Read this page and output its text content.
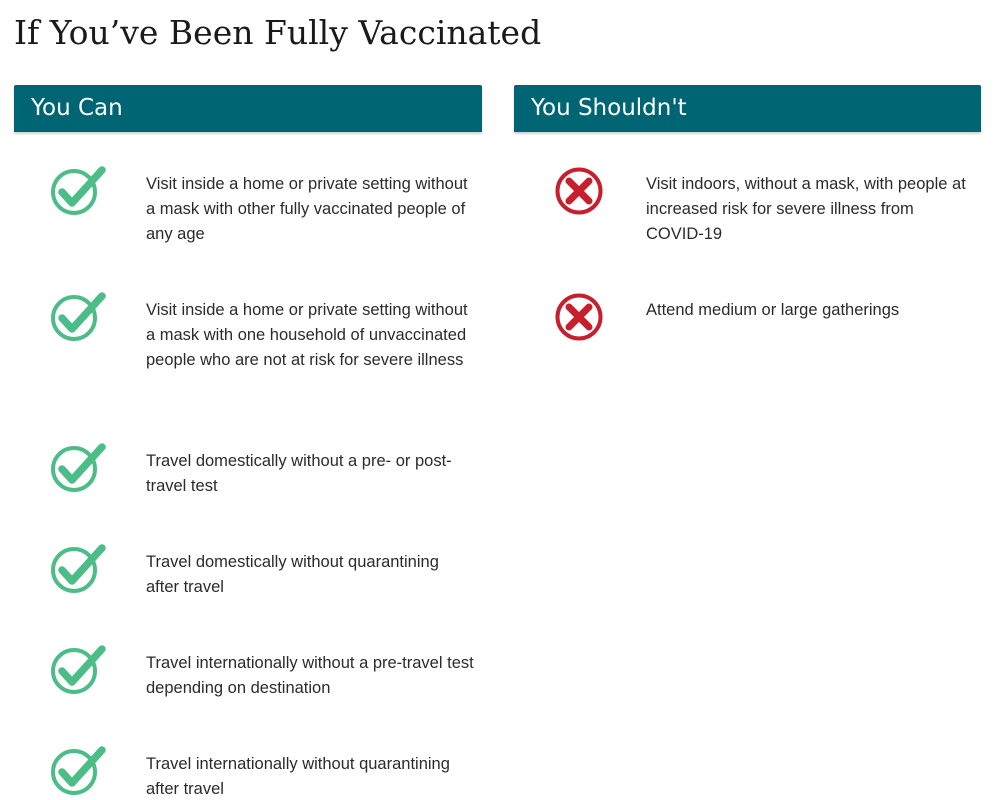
If You’ve Been Fully Vaccinated
You Can
Visit inside a home or private setting without a mask with other fully vaccinated people of any age
Visit inside a home or private setting without a mask with one household of unvaccinated people who are not at risk for severe illness
Travel domestically without a pre- or post-travel test
Travel domestically without quarantining after travel
Travel internationally without a pre-travel test depending on destination
Travel internationally without quarantining after travel
You Shouldn't
Visit indoors, without a mask, with people at increased risk for severe illness from COVID-19
Attend medium or large gatherings
